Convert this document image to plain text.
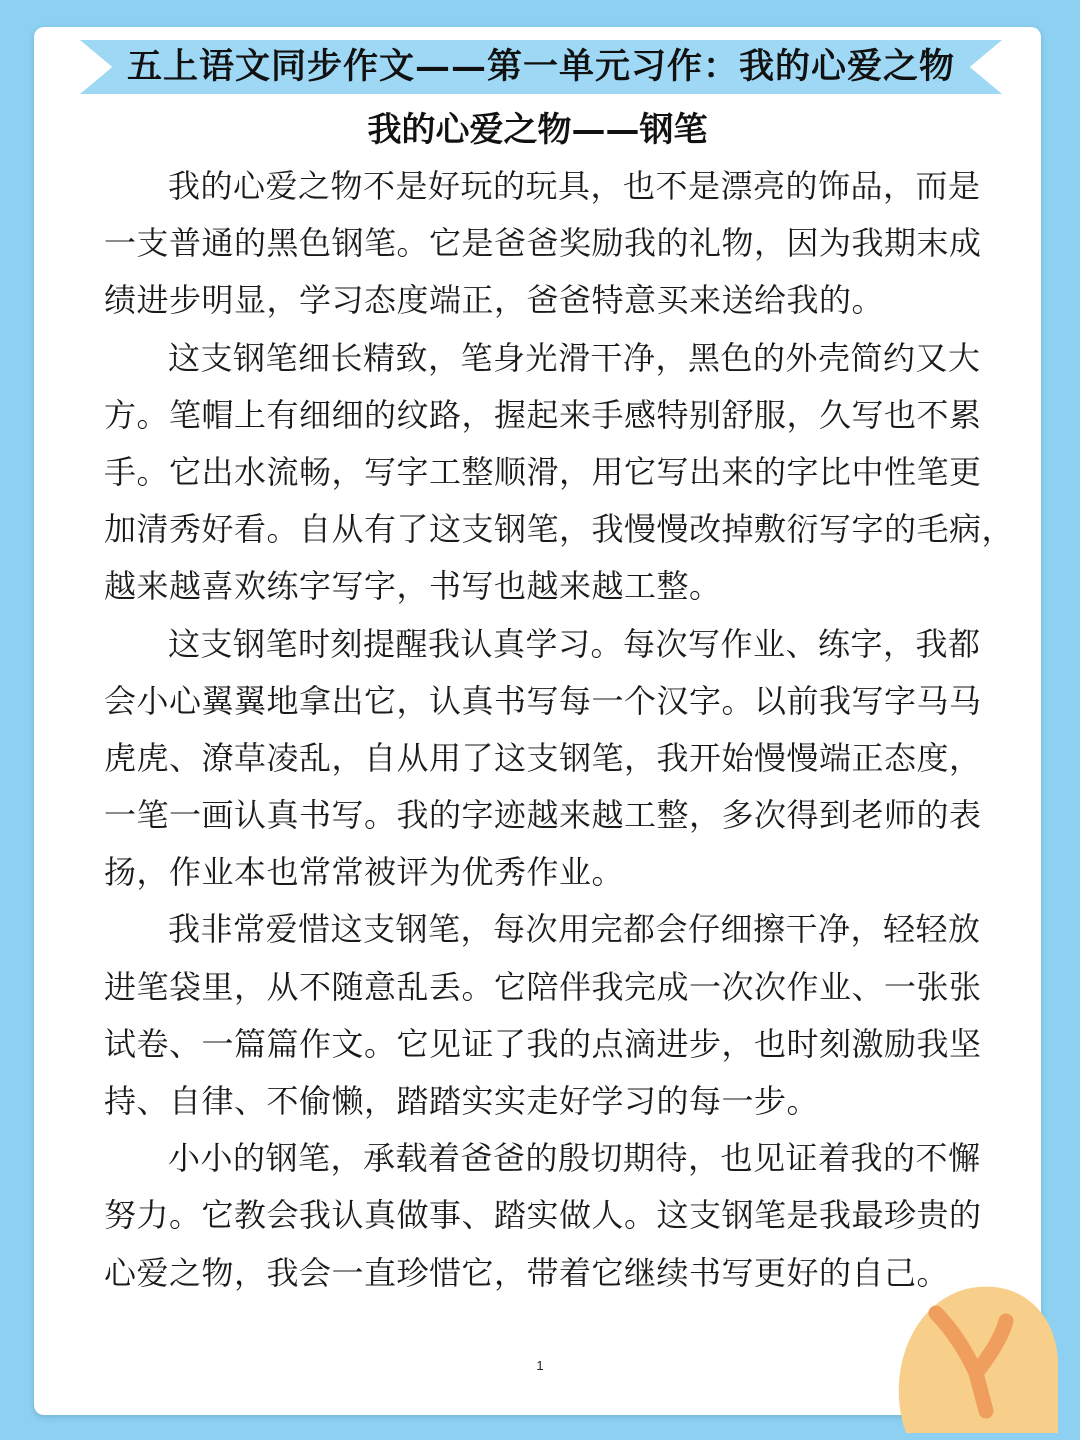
五上语文同步作文——第一单元习作：我的心爱之物
我的心爱之物——钢笔
我的心爱之物不是好玩的玩具，也不是漂亮的饰品，而是
一支普通的黑色钢笔。它是爸爸奖励我的礼物，因为我期末成
绩进步明显，学习态度端正，爸爸特意买来送给我的。
这支钢笔细长精致，笔身光滑干净，黑色的外壳简约又大
方。笔帽上有细细的纹路，握起来手感特别舒服，久写也不累
手。它出水流畅，写字工整顺滑，用它写出来的字比中性笔更
加清秀好看。自从有了这支钢笔，我慢慢改掉敷衍写字的毛病，
越来越喜欢练字写字，书写也越来越工整。
这支钢笔时刻提醒我认真学习。每次写作业、练字，我都
会小心翼翼地拿出它，认真书写每一个汉字。以前我写字马马
虎虎、潦草凌乱，自从用了这支钢笔，我开始慢慢端正态度，
一笔一画认真书写。我的字迹越来越工整，多次得到老师的表
扬，作业本也常常被评为优秀作业。
我非常爱惜这支钢笔，每次用完都会仔细擦干净，轻轻放
进笔袋里，从不随意乱丢。它陪伴我完成一次次作业、一张张
试卷、一篇篇作文。它见证了我的点滴进步，也时刻激励我坚
持、自律、不偷懒，踏踏实实走好学习的每一步。
小小的钢笔，承载着爸爸的殷切期待，也见证着我的不懈
努力。它教会我认真做事、踏实做人。这支钢笔是我最珍贵的
心爱之物，我会一直珍惜它，带着它继续书写更好的自己。
1
